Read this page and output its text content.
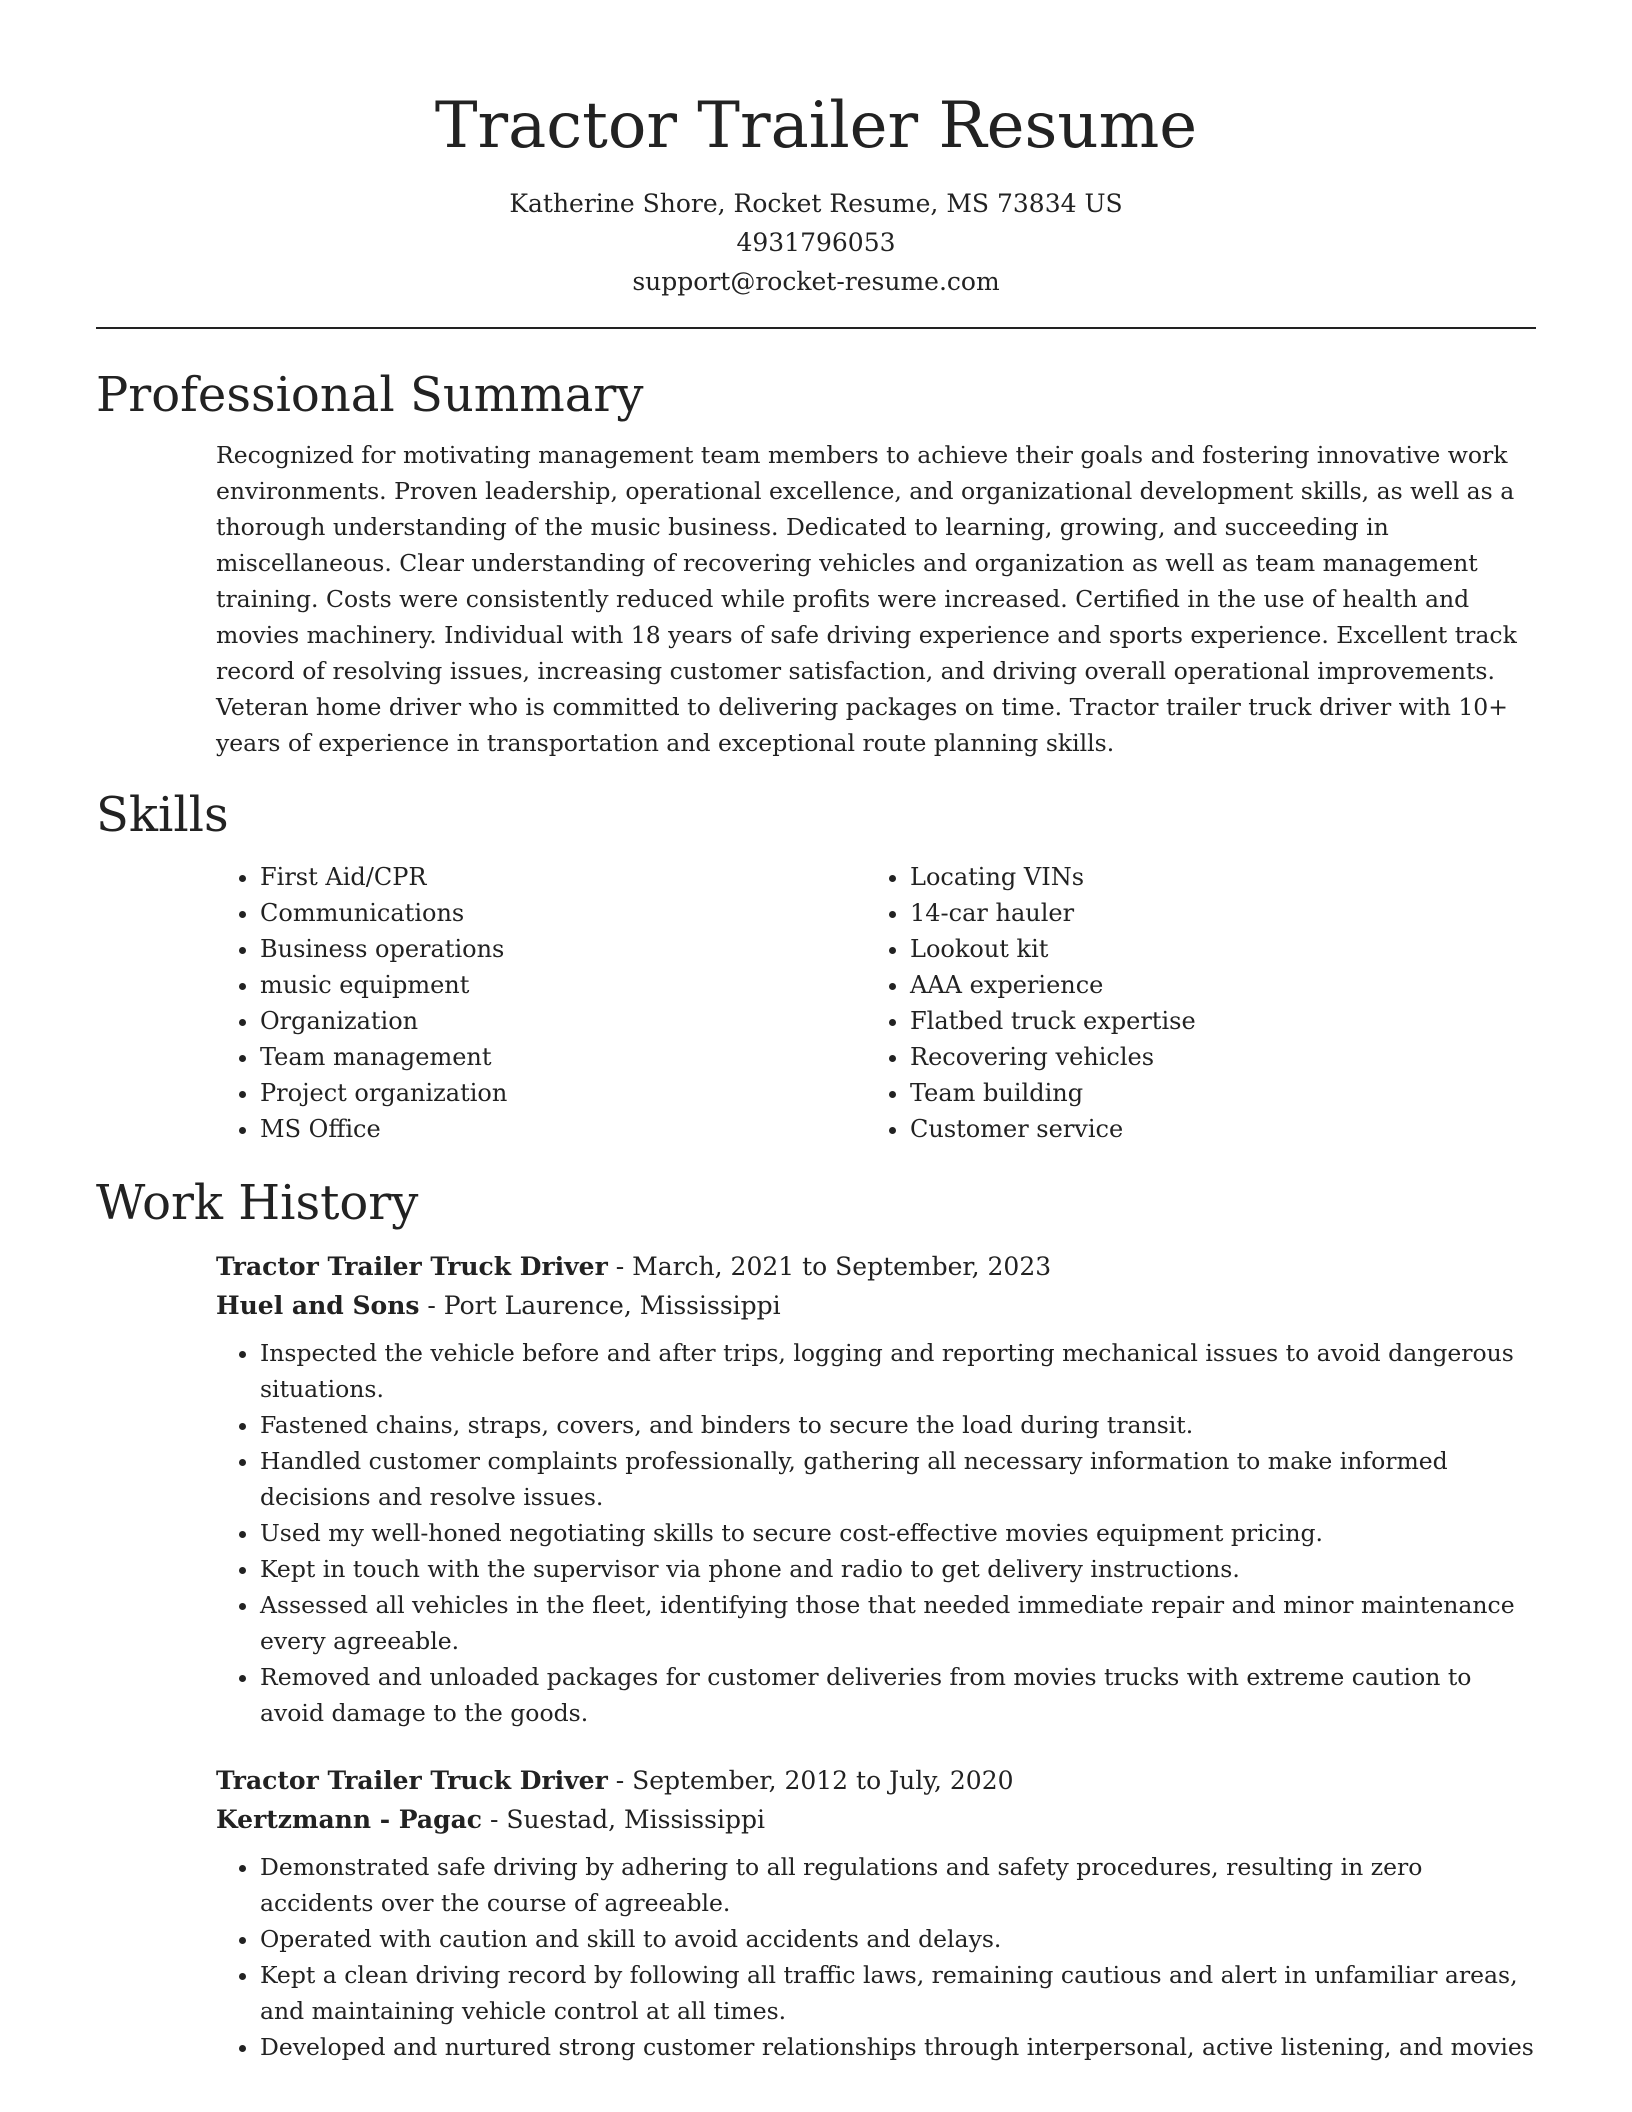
Tractor Trailer Resume
Katherine Shore, Rocket Resume, MS 73834 US
4931796053
support@rocket-resume.com
Professional Summary

Recognized for motivating management team members to achieve their goals and fostering innovative work environments. Proven leadership, operational excellence, and organizational development skills, as well as a thorough understanding of the music business. Dedicated to learning, growing, and succeeding in miscellaneous. Clear understanding of recovering vehicles and organization as well as team management training. Costs were consistently reduced while profits were increased. Certified in the use of health and movies machinery. Individual with 18 years of safe driving experience and sports experience. Excellent track record of resolving issues, increasing customer satisfaction, and driving overall operational improvements. Veteran home driver who is committed to delivering packages on time. Tractor trailer truck driver with 10+ years of experience in transportation and exceptional route planning skills.

Skills
• First Aid/CPR
• Communications
• Business operations
• music equipment
• Organization
• Team management
• Project organization
• MS Office
• Locating VINs
• 14-car hauler
• Lookout kit
• AAA experience
• Flatbed truck expertise
• Recovering vehicles
• Team building
• Customer service
Work History
Tractor Trailer Truck Driver - March, 2021 to September, 2023
Huel and Sons - Port Laurence, Mississippi
• Inspected the vehicle before and after trips, logging and reporting mechanical issues to avoid dangerous situations.
• Fastened chains, straps, covers, and binders to secure the load during transit.
• Handled customer complaints professionally, gathering all necessary information to make informed decisions and resolve issues.
• Used my well-honed negotiating skills to secure cost-effective movies equipment pricing.
• Kept in touch with the supervisor via phone and radio to get delivery instructions.
• Assessed all vehicles in the fleet, identifying those that needed immediate repair and minor maintenance every agreeable.
• Removed and unloaded packages for customer deliveries from movies trucks with extreme caution to avoid damage to the goods.
Tractor Trailer Truck Driver - September, 2012 to July, 2020
Kertzmann - Pagac - Suestad, Mississippi
• Demonstrated safe driving by adhering to all regulations and safety procedures, resulting in zero accidents over the course of agreeable.
• Operated with caution and skill to avoid accidents and delays.
• Kept a clean driving record by following all traffic laws, remaining cautious and alert in unfamiliar areas, and maintaining vehicle control at all times.
• Developed and nurtured strong customer relationships through interpersonal, active listening, and movies
